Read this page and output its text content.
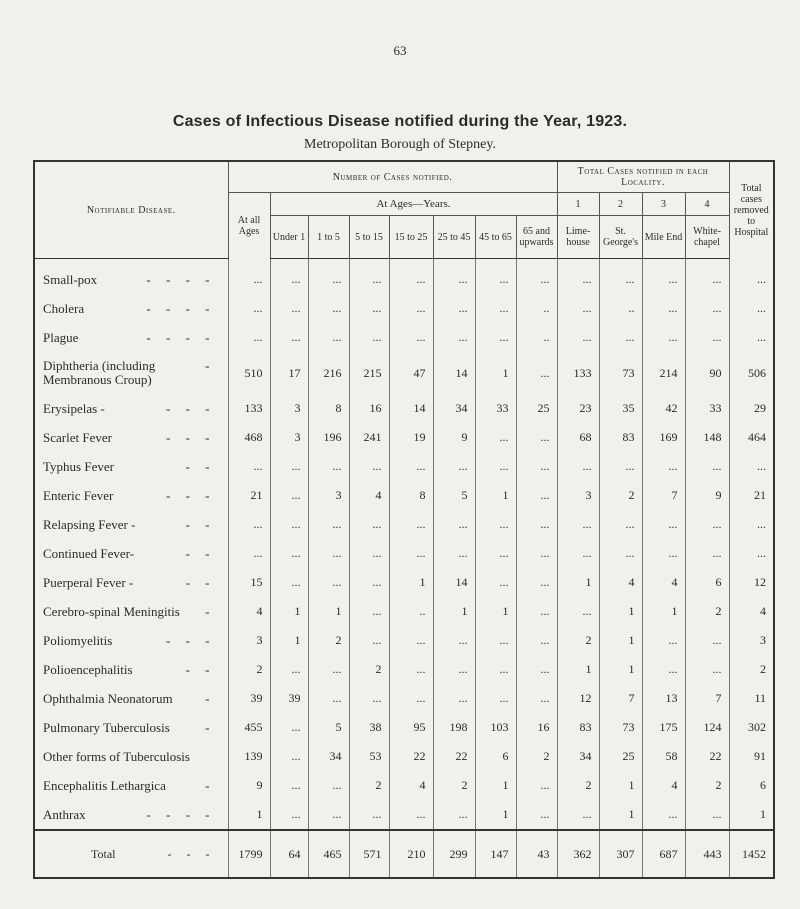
63
Cases of Infectious Disease notified during the Year, 1923.
Metropolitan Borough of Stepney.
Notifiable Disease.	Number of Cases notified.								Total Cases notified in each Locality.				Total cases removed to Hospital
	At all Ages	At Ages—Years.							1	2	3	4	
		Under 1	1 to 5	5 to 15	15 to 25	25 to 45	45 to 65	65 and upwards	Lime-house	St. George's	Mile End	White-chapel	

- - - -
Small-pox	...	...	...	...	...	...	...	...	...	...	...	...	...

- - - -
Cholera	...	...	...	...	...	...	...	..	...	..	...	...	...

- - - -
Plague	...	...	...	...	...	...	...	..	...	...	...	...	...

-
Diphtheria (including Membranous Croup)	510	17	216	215	47	14	1	...	133	73	214	90	506

- - -
Erysipelas -	133	3	8	16	14	34	33	25	23	35	42	33	29

- - -
Scarlet Fever	468	3	196	241	19	9	...	...	68	83	169	148	464

- -
Typhus Fever	...	...	...	...	...	...	...	...	...	...	...	...	...

- - -
Enteric Fever	21	...	3	4	8	5	1	...	3	2	7	9	21

- -
Relapsing Fever -	...	...	...	...	...	...	...	...	...	...	...	...	...

- -
Continued Fever-	...	...	...	...	...	...	...	...	...	...	...	...	...

- -
Puerperal Fever -	15	...	...	...	1	14	...	...	1	4	4	6	12

-
Cerebro-spinal Meningitis	4	1	1	...	..	1	1	...	...	1	1	2	4

- - -
Poliomyelitis	3	1	2	...	...	...	...	...	2	1	...	...	3

- -
Polioencephalitis	2	...	...	2	...	...	...	...	1	1	...	...	2

-
Ophthalmia Neonatorum	39	39	...	...	...	...	...	...	12	7	13	7	11

-
Pulmonary Tuberculosis	455	...	5	38	95	198	103	16	83	73	175	124	302

Other forms of Tuberculosis	139	...	34	53	22	22	6	2	34	25	58	22	91

-
Encephalitis Lethargica	9	...	...	2	4	2	1	...	2	1	4	2	6

- - - -
Anthrax	1	...	...	...	...	...	1	...	...	1	...	...	1

- - -
Total	1799	64	465	571	210	299	147	43	362	307	687	443	1452
